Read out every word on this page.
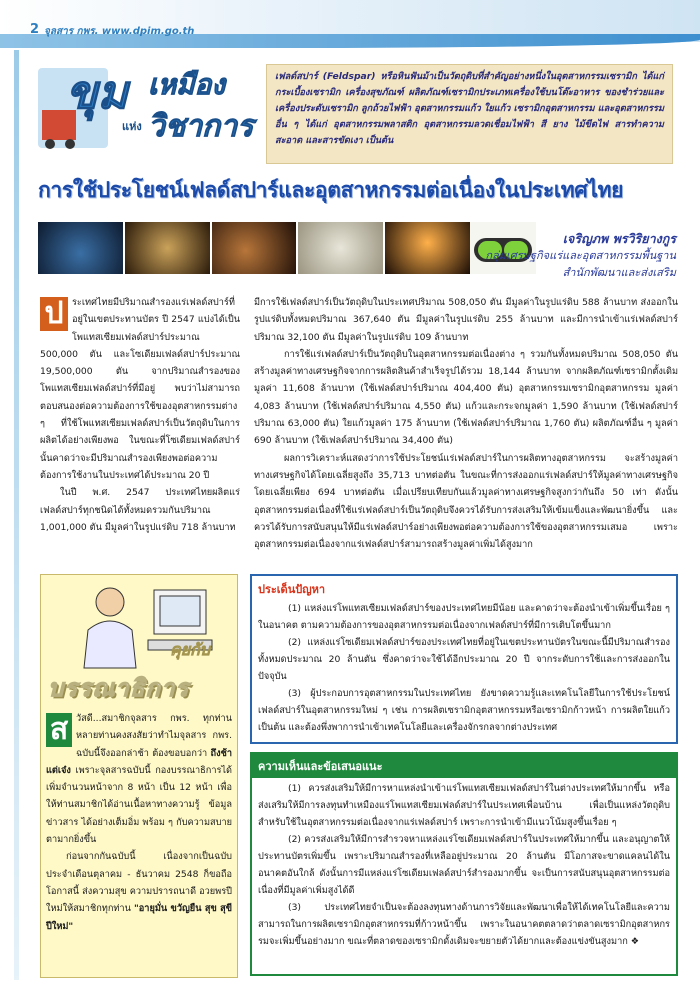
2 จุลสาร กพร. www.dpim.go.th
ขุม เหมือง
แห่ง วิชาการ
เฟลด์สปาร์ (Feldspar) หรือหินฟันม้าเป็นวัตถุดิบที่สำคัญอย่างหนึ่งในอุตสาหกรรมเซรามิก ได้แก่ กระเบื้องเซรามิก เครื่องสุขภัณฑ์ ผลิตภัณฑ์เซรามิกประเภทเครื่องใช้บนโต๊ะอาหาร ของชำร่วยและเครื่องประดับเซรามิก ลูกถ้วยไฟฟ้า อุตสาหกรรมแก้ว ใยแก้ว เซรามิกอุตสาหกรรม และอุตสาหกรรมอื่น ๆ ได้แก่ อุตสาหกรรมพลาสติก อุตสาหกรรมลวดเชื่อมไฟฟ้า สี ยาง ไม้ขีดไฟ สารทำความสะอาด และสารขัดเงา เป็นต้น
การใช้ประโยชน์เฟลด์สปาร์และอุตสาหกรรมต่อเนื่องในประเทศไทย
เจริญภพ พรวิริยางกูร
กลุ่มเศรษฐกิจแร่และอุตสาหกรรมพื้นฐาน
สำนักพัฒนาและส่งเสริม
ป ระเทศไทยมีปริมาณสำรองแร่เฟลด์สปาร์ที่อยู่ในเขตประทานบัตร ปี 2547 แบ่งได้เป็น โพแทสเซียมเฟลด์สปาร์ประมาณ 500,000 ตัน และโซเดียมเฟลด์สปาร์ประมาณ 19,500,000 ตัน จากปริมาณสำรองของโพแทสเซียมเฟลด์สปาร์ที่มีอยู่ พบว่าไม่สามารถตอบสนองต่อความต้องการใช้ของอุตสาหกรรมต่าง ๆ ที่ใช้โพแทสเซียมเฟลด์สปาร์เป็นวัตถุดิบในการผลิตได้อย่างเพียงพอ ในขณะที่โซเดียมเฟลด์สปาร์นั้นคาดว่าจะมีปริมาณสำรองเพียงพอต่อความต้องการใช้งานในประเทศได้ประมาณ 20 ปี
ในปี พ.ศ. 2547 ประเทศไทยผลิตแร่เฟลด์สปาร์ทุกชนิดได้ทั้งหมดรวมกันปริมาณ 1,001,000 ตัน มีมูลค่าในรูปแร่ดิบ 718 ล้านบาท
มีการใช้เฟลด์สปาร์เป็นวัตถุดิบในประเทศปริมาณ 508,050 ตัน มีมูลค่าในรูปแร่ดิบ 588 ล้านบาท ส่งออกในรูปแร่ดิบทั้งหมดปริมาณ 367,640 ตัน มีมูลค่าในรูปแร่ดิบ 255 ล้านบาท และมีการนำเข้าแร่เฟลด์สปาร์ปริมาณ 32,100 ตัน มีมูลค่าในรูปแร่ดิบ 109 ล้านบาท
การใช้แร่เฟลด์สปาร์เป็นวัตถุดิบในอุตสาหกรรมต่อเนื่องต่าง ๆ รวมกันทั้งหมดปริมาณ 508,050 ตัน สร้างมูลค่าทางเศรษฐกิจจากการผลิตสินค้าสำเร็จรูปได้รวม 18,144 ล้านบาท จากผลิตภัณฑ์เซรามิกตั้งเดิมมูลค่า 11,608 ล้านบาท (ใช้เฟลด์สปาร์ปริมาณ 404,400 ตัน) อุตสาหกรรมเซรามิกอุตสาหกรรม มูลค่า 4,083 ล้านบาท (ใช้เฟลด์สปาร์ปริมาณ 4,550 ตัน) แก้วและกระจกมูลค่า 1,590 ล้านบาท (ใช้เฟลด์สปาร์ปริมาณ 63,000 ตัน) ใยแก้วมูลค่า 175 ล้านบาท (ใช้เฟลด์สปาร์ปริมาณ 1,760 ตัน) ผลิตภัณฑ์อื่น ๆ มูลค่า 690 ล้านบาท (ใช้เฟลด์สปาร์ปริมาณ 34,400 ตัน)
ผลการวิเคราะห์แสดงว่าการใช้ประโยชน์แร่เฟลด์สปาร์ในการผลิตทางอุตสาหกรรม จะสร้างมูลค่าทางเศรษฐกิจได้โดยเฉลี่ยสูงถึง 35,713 บาทต่อตัน ในขณะที่การส่งออกแร่เฟลด์สปาร์ให้มูลค่าทางเศรษฐกิจโดยเฉลี่ยเพียง 694 บาทต่อตัน เมื่อเปรียบเทียบกันแล้วมูลค่าทางเศรษฐกิจสูงกว่ากันถึง 50 เท่า ดังนั้นอุตสาหกรรมต่อเนื่องที่ใช้แร่เฟลด์สปาร์เป็นวัตถุดิบจึงควรได้รับการส่งเสริมให้เข้มแข็งและพัฒนายิ่งขึ้น และควรได้รับการสนับสนุนให้มีแร่เฟลด์สปาร์อย่างเพียงพอต่อความต้องการใช้ของอุตสาหกรรมเสมอ เพราะอุตสาหกรรมต่อเนื่องจากแร่เฟลด์สปาร์สามารถสร้างมูลค่าเพิ่มได้สูงมาก
ประเด็นปัญหา
(1) แหล่งแร่โพแทสเซียมเฟลด์สปาร์ของประเทศไทยมีน้อย และคาดว่าจะต้องนำเข้าเพิ่มขึ้นเรื่อย ๆ ในอนาคต ตามความต้องการของอุตสาหกรรมต่อเนื่องจากเฟลด์สปาร์ที่มีการเติบโตขึ้นมาก
(2) แหล่งแร่โซเดียมเฟลด์สปาร์ของประเทศไทยที่อยู่ในเขตประทานบัตรในขณะนี้มีปริมาณสำรองทั้งหมดประมาณ 20 ล้านตัน ซึ่งคาดว่าจะใช้ได้อีกประมาณ 20 ปี จากระดับการใช้และการส่งออกในปัจจุบัน
(3) ผู้ประกอบการอุตสาหกรรมในประเทศไทย ยังขาดความรู้และเทคโนโลยีในการใช้ประโยชน์เฟลด์สปาร์ในอุตสาหกรรมใหม่ ๆ เช่น การผลิตเซรามิกอุตสาหกรรมหรือเซรามิกก้าวหน้า การผลิตใยแก้ว เป็นต้น และต้องพึ่งพาการนำเข้าเทคโนโลยีและเครื่องจักรกลจากต่างประเทศ
ความเห็นและข้อเสนอแนะ
(1) ควรส่งเสริมให้มีการหาแหล่งนำเข้าแร่โพแทสเซียมเฟลด์สปาร์ในต่างประเทศให้มากขึ้น หรือส่งเสริมให้มีการลงทุนทำเหมืองแร่โพแทสเซียมเฟลด์สปาร์ในประเทศเพื่อนบ้าน เพื่อเป็นแหล่งวัตถุดิบสำหรับใช้ในอุตสาหกรรมต่อเนื่องจากแร่เฟลด์สปาร์ เพราะการนำเข้ามีแนวโน้มสูงขึ้นเรื่อย ๆ
(2) ควรส่งเสริมให้มีการสำรวจหาแหล่งแร่โซเดียมเฟลด์สปาร์ในประเทศให้มากขึ้น และอนุญาตให้ประทานบัตรเพิ่มขึ้น เพราะปริมาณสำรองที่เหลืออยู่ประมาณ 20 ล้านตัน มีโอกาสจะขาดแคลนได้ในอนาคตอันใกล้ ดังนั้นการมีแหล่งแร่โซเดียมเฟลด์สปาร์สำรองมากขึ้น จะเป็นการสนับสนุนอุตสาหกรรมต่อเนื่องที่มีมูลค่าเพิ่มสูงได้ดี
(3) ประเทศไทยจำเป็นจะต้องลงทุนทางด้านการวิจัยและพัฒนาเพื่อให้ได้เทคโนโลยีและความสามารถในการผลิตเซรามิกอุตสาหกรรมที่ก้าวหน้าขึ้น เพราะในอนาคตตลาดว่าตลาดเซรามิกอุตสาหกรรมจะเพิ่มขึ้นอย่างมาก ขณะที่ตลาดของเซรามิกดั้งเดิมจะขยายตัวได้ยากและต้องแข่งขันสูงมาก ❖
คุยกับ
บรรณาธิการ
ส วัสดี...สมาชิกจุลสาร กพร. ทุกท่าน หลายท่านคงสงสัยว่าทำไมจุลสาร กพร. ฉบับนี้จึงออกล่าช้า ต้องขอบอกว่า ถึงช้า แต่เจ๋ง เพราะจุลสารฉบับนี้ กองบรรณาธิการได้เพิ่มจำนวนหน้าจาก 8 หน้า เป็น 12 หน้า เพื่อให้ท่านสมาชิกได้อ่านเนื้อหาทางความรู้ ข้อมูล ข่าวสาร ได้อย่างเต็มอิ่ม พร้อม ๆ กับความสบายตามากยิ่งขึ้น
ก่อนจากกันฉบับนี้ เนื่องจากเป็นฉบับประจำเดือนตุลาคม - ธันวาคม 2548 ก็ขอถือโอกาสนี้ ส่งความสุข ความปรารถนาดี อวยพรปีใหม่ให้สมาชิกทุกท่าน "อายุมั่น ขวัญยืน สุข สุขี ปีใหม่"
